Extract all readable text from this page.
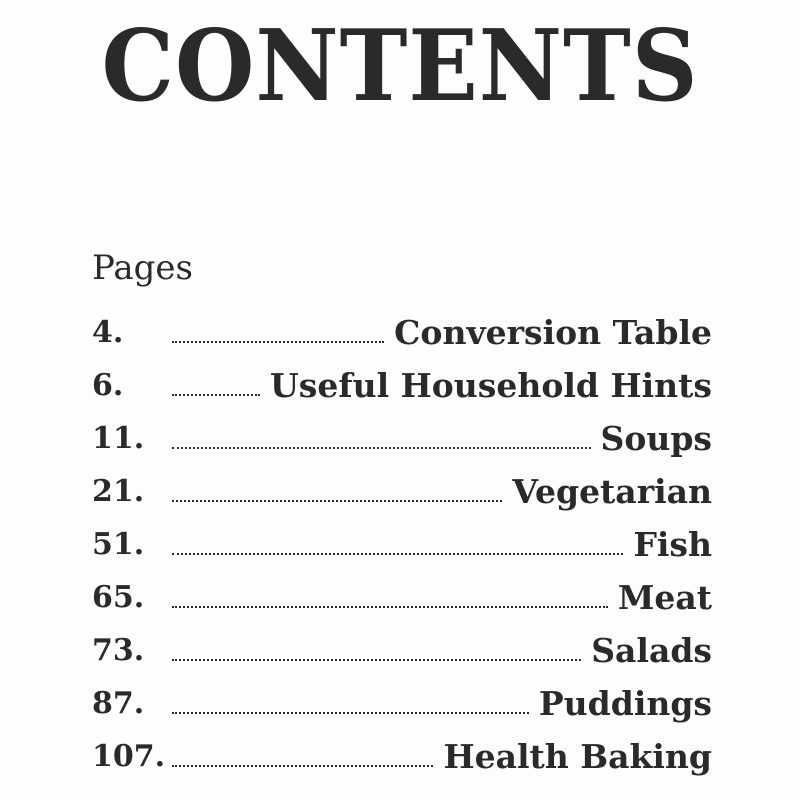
CONTENTS
Pages
4.	Conversion Table
6.	Useful Household Hints
11.	Soups
21.	Vegetarian
51.	Fish
65.	Meat
73.	Salads
87.	Puddings
107.	Health Baking
